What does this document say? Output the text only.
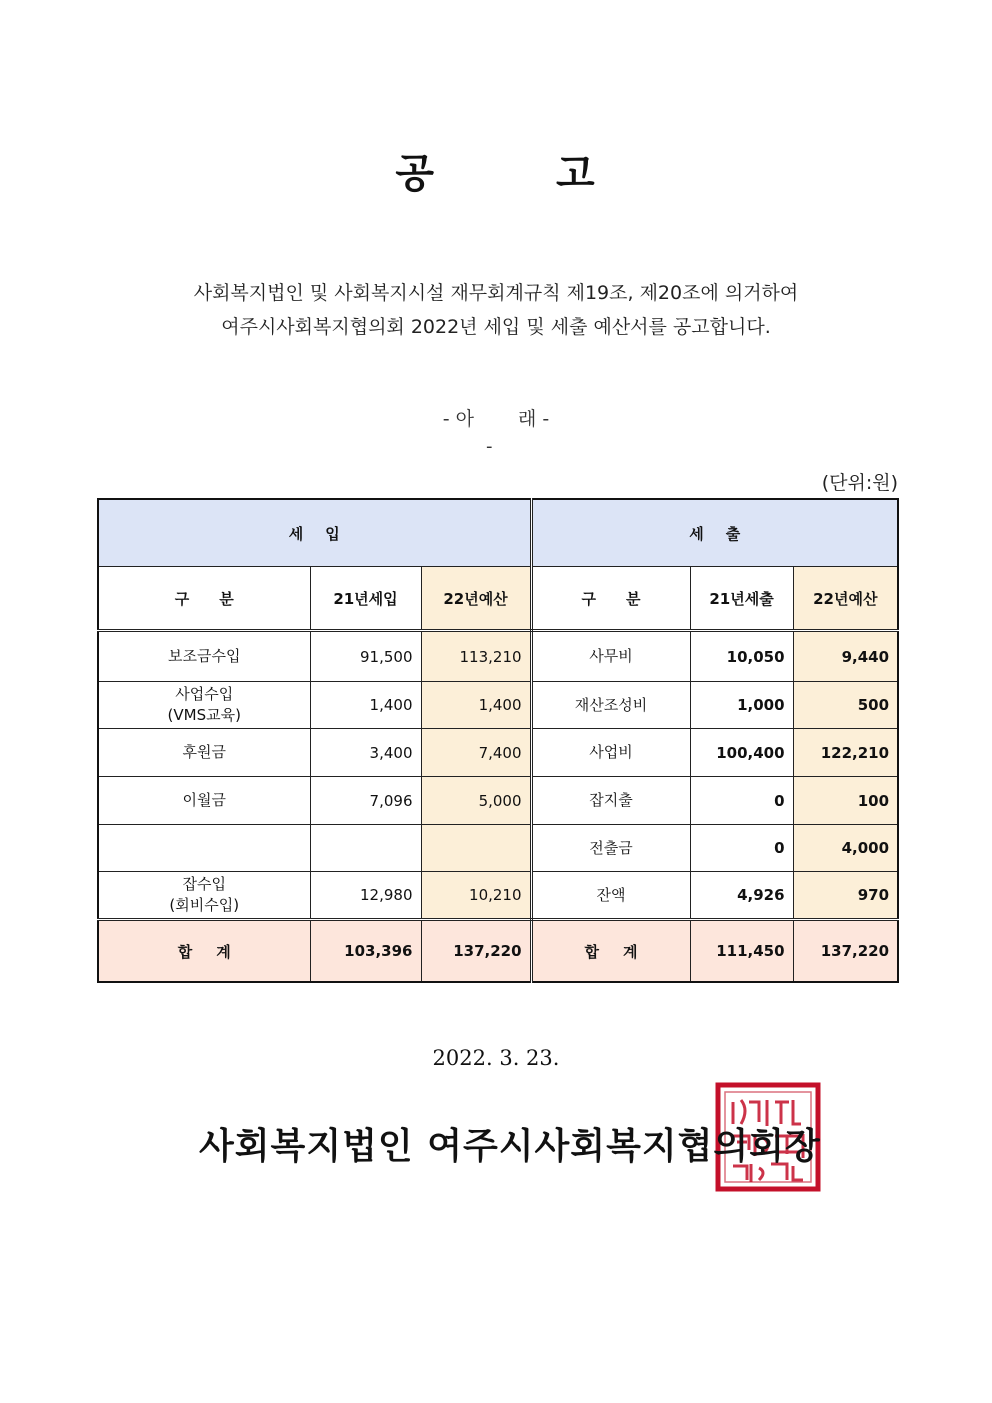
공	고
사회복지법인 및 사회복지시설 재무회계규칙 제19조, 제20조에 의거하여
여주시사회복지협의회 2022년 세입 및 세출 예산서를 공고합니다.
- 아 래 -
-
(단위:원)
세 입			세 출		
구 분	21년세입	22년예산	구 분	21년세출	22년예산

보조금수입	91,500	113,210	사무비	10,050	9,440

사업수입
(VMS교육)	1,400	1,400	재산조성비	1,000	500

후원금	3,400	7,400	사업비	100,400	122,210

이월금	7,096	5,000	잡지출	0	100

			전출금	0	4,000

잡수입
(회비수입)	12,980	10,210	잔액	4,926	970
합 계	103,396	137,220	합 계	111,450	137,220
2022. 3. 23.
사회복지법인 여주시사회복지협의회장
